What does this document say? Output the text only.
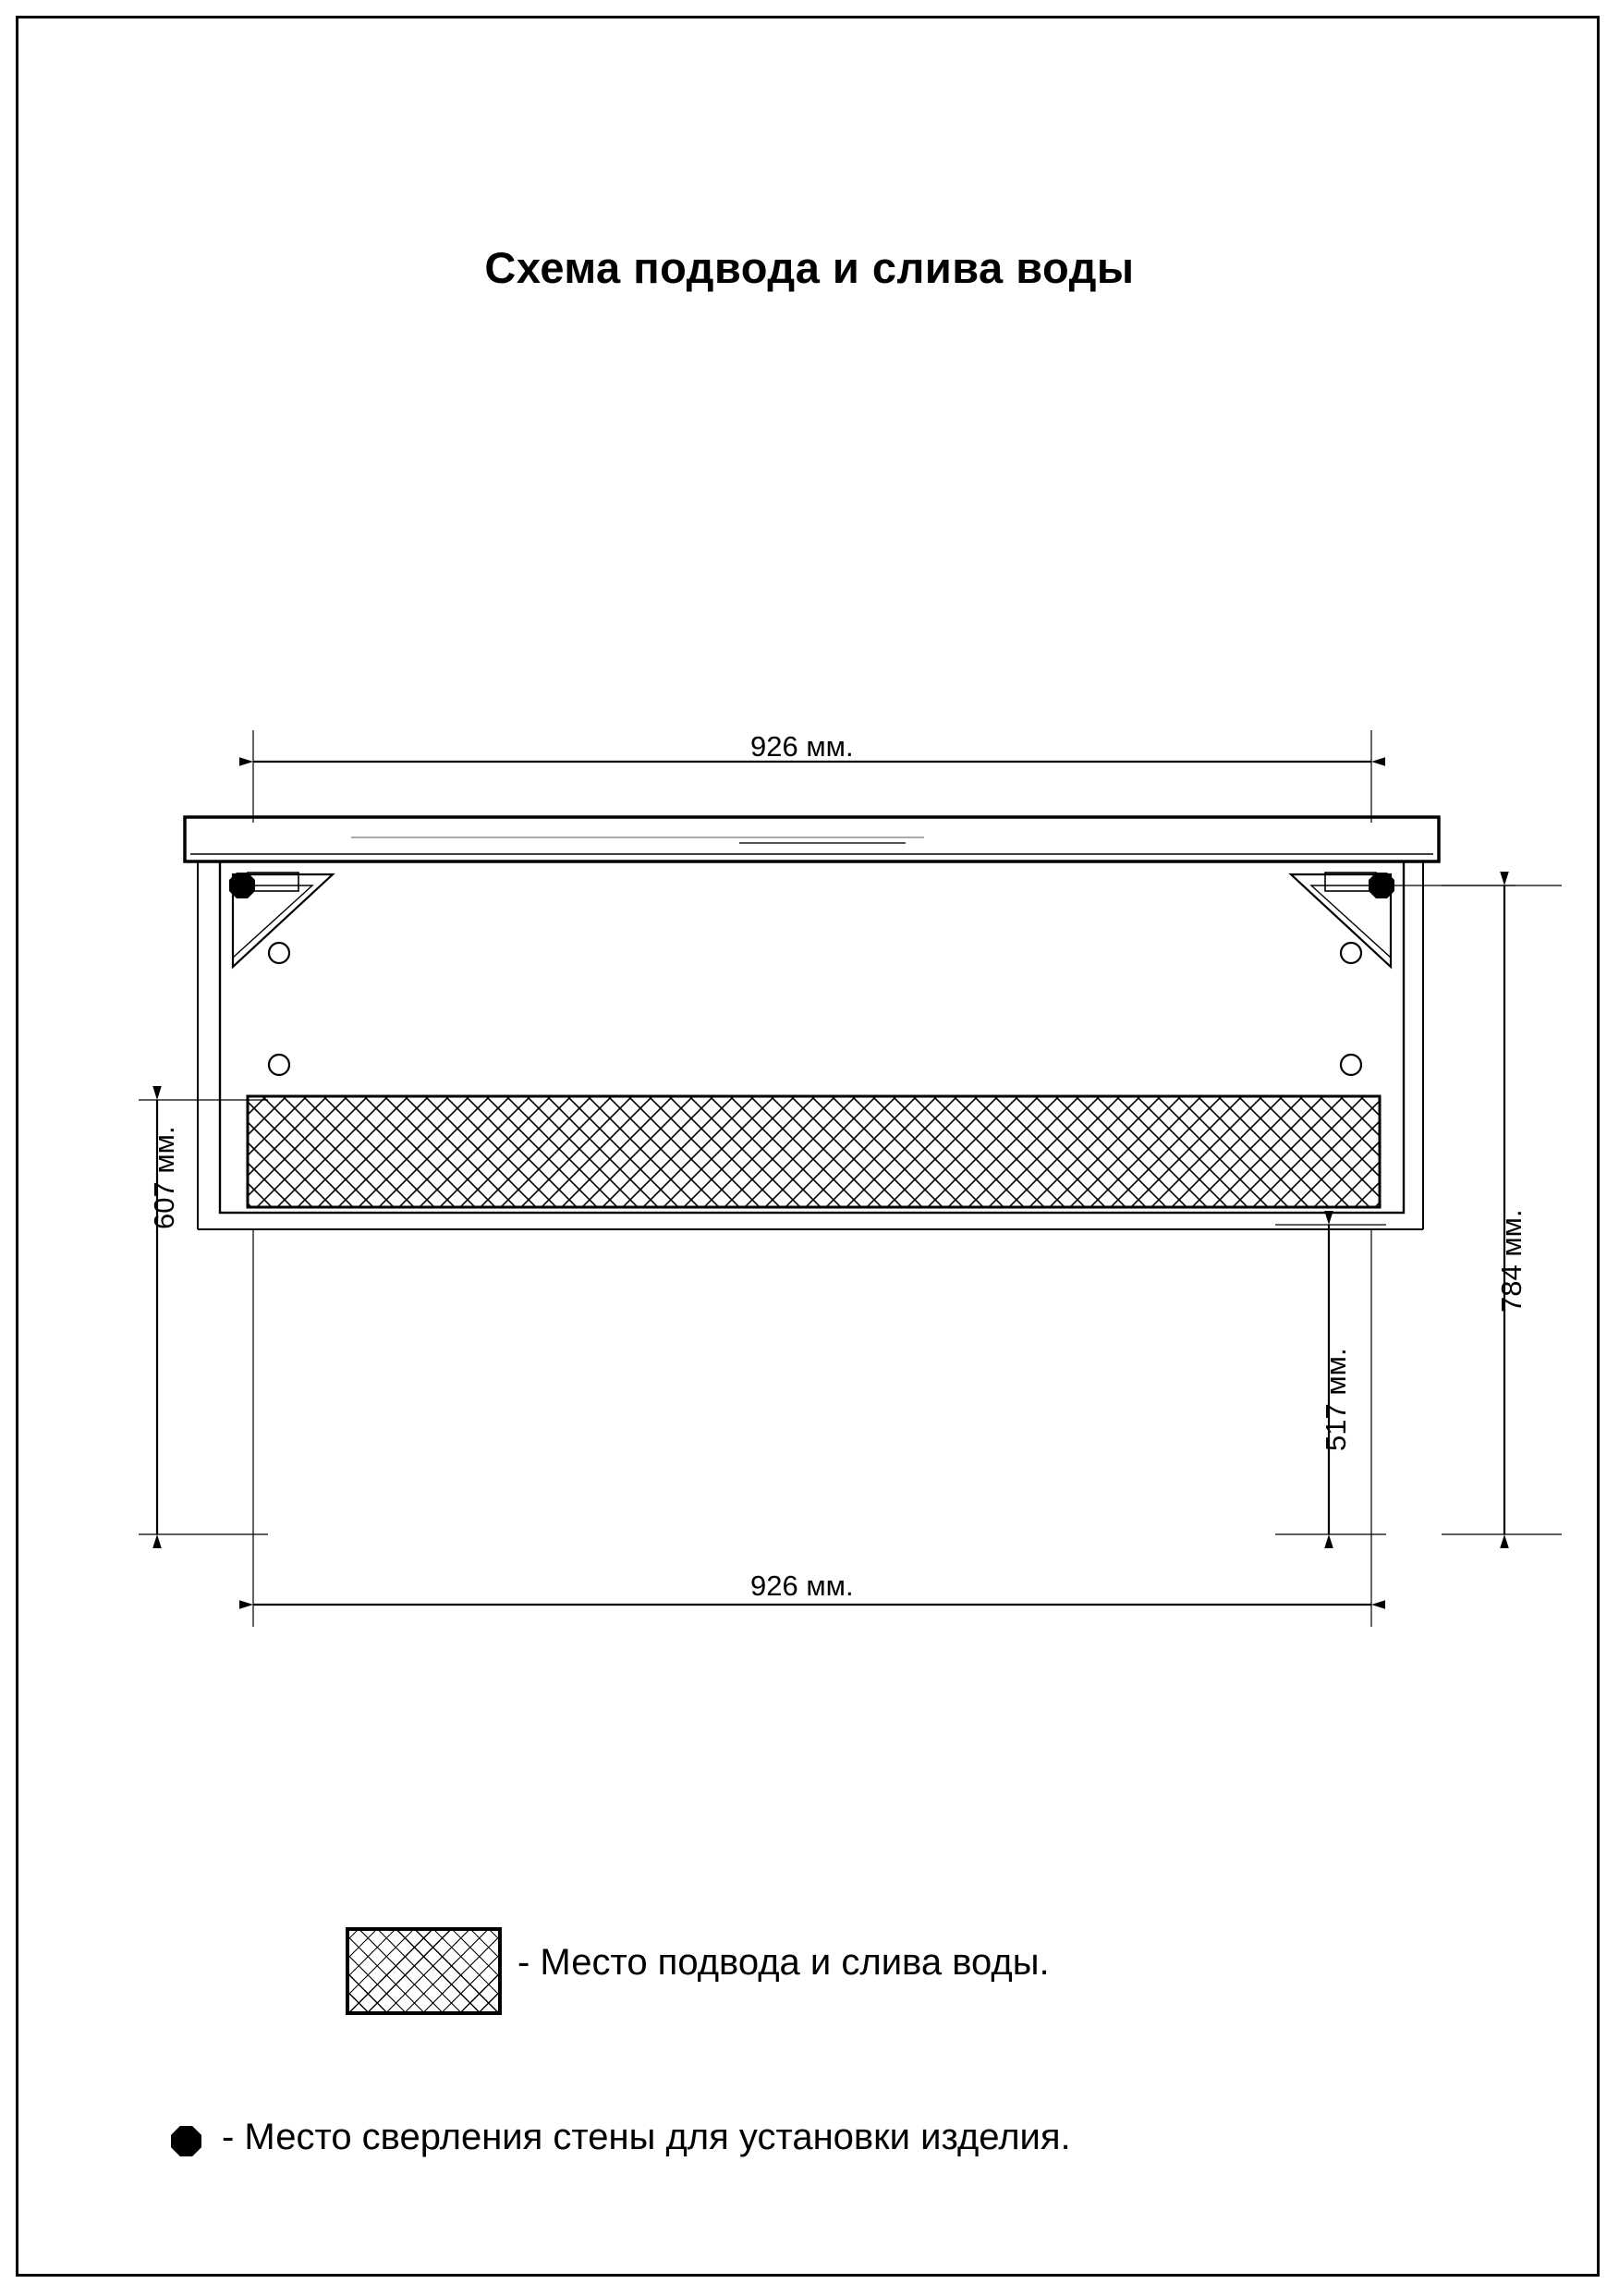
Схема подвода и слива воды
926 мм.
926 мм.
607 мм.
784 мм.
517 мм.
- Место подвода и слива воды.
- Место сверления стены для установки изделия.
